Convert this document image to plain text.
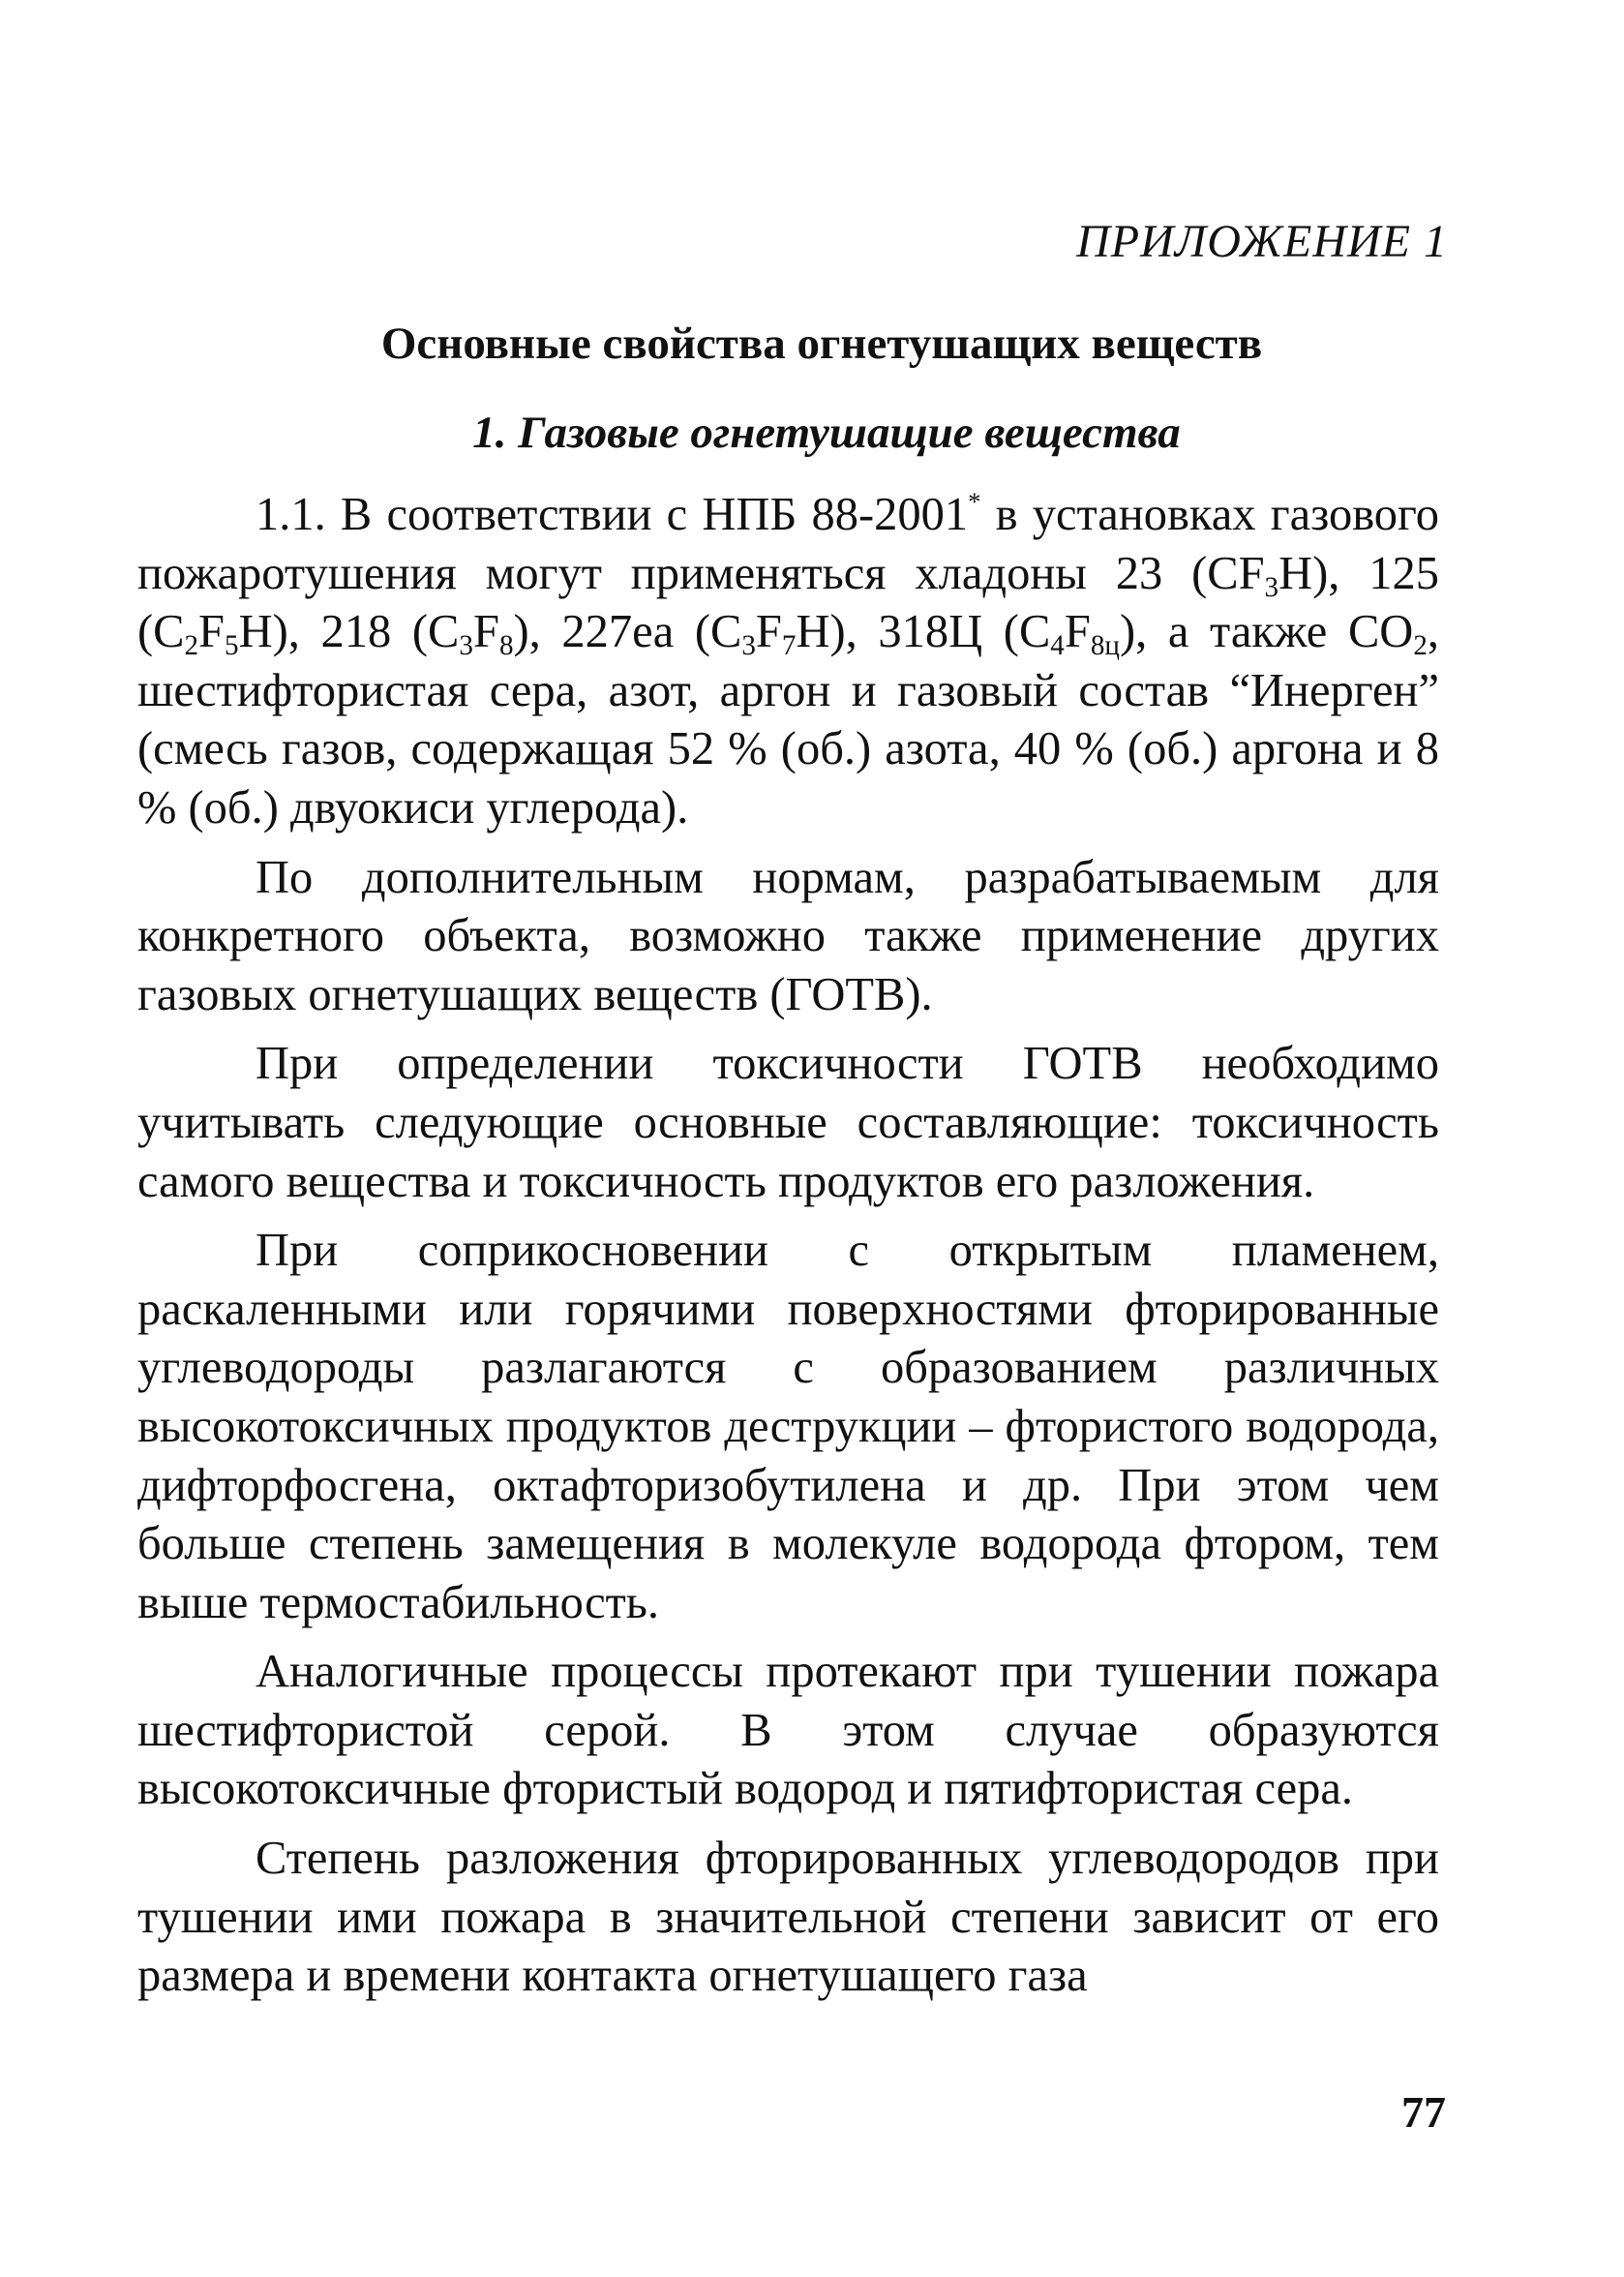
ПРИЛОЖЕНИЕ 1
Основные свойства огнетушащих веществ
1. Газовые огнетушащие вещества

1.1. В соответствии с НПБ 88-2001* в установках газового пожаротушения могут применяться хладоны 23 $(CF_3H)$, 125 $(C_2F_5H)$, 218 $(C_3F_8)$, 227ea $(C_3F_7H)$, 318Ц $(C_4F_{8ц})$, а также $CO_2$, шестифтористая сера, азот, аргон и газовый состав “Инерген” (смесь газов, содержащая 52 % (об.) азота, 40 % (об.) аргона и 8 % (об.) двуокиси углерода).

По дополнительным нормам, разрабатываемым для конкретного объекта, возможно также применение других газовых огнетушащих веществ (ГОТВ).

При определении токсичности ГОТВ необходимо учитывать следующие основные составляющие: токсичность самого вещества и токсичность продуктов его разложения.

При соприкосновении с открытым пламенем, раскаленными или горячими поверхностями фторированные углеводороды разлагаются с образованием различных высокотоксичных продуктов деструкции – фтористого водорода, дифторфосгена, октафторизобутилена и др. При этом чем больше степень замещения в молекуле водорода фтором, тем выше термостабильность.

Аналогичные процессы протекают при тушении пожара шестифтористой серой. В этом случае образуются высокотоксичные фтористый водород и пятифтористая сера.

Степень разложения фторированных углеводородов при тушении ими пожара в значительной степени зависит от его размера и времени контакта огнетушащего газа

77
